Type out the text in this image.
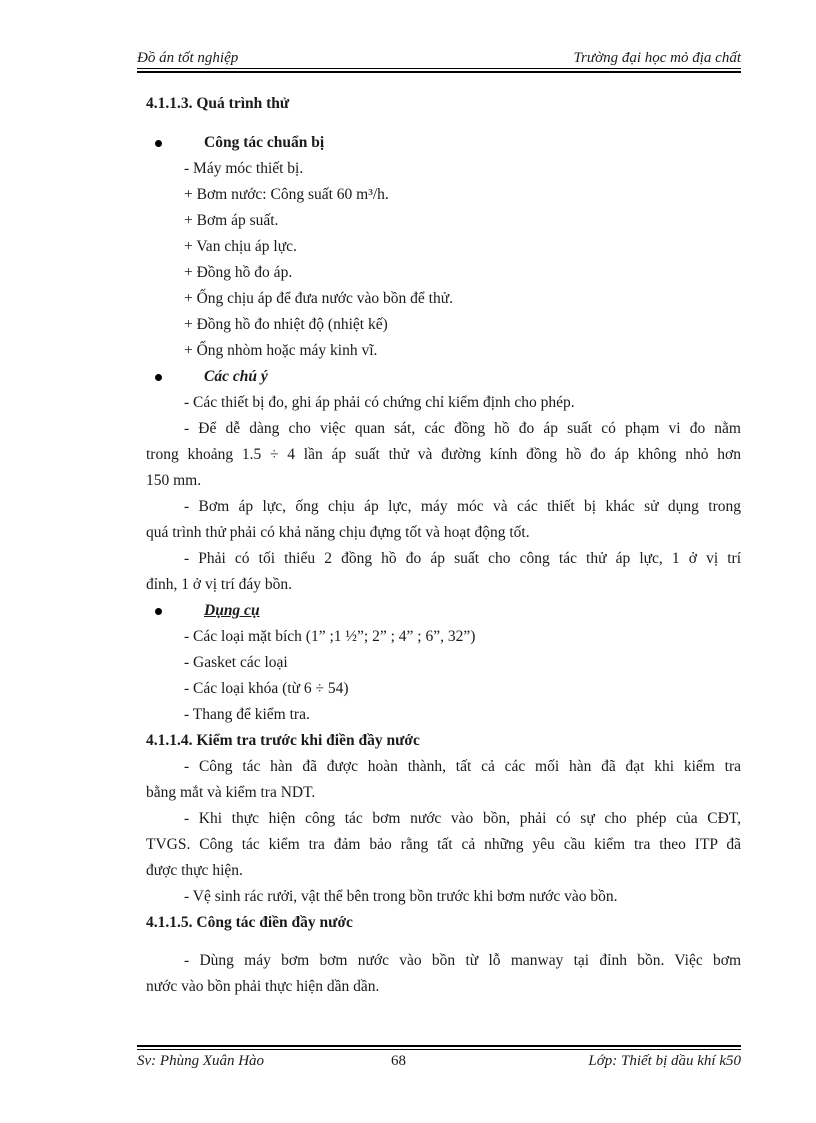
Đồ án tốt nghiệp	Trường đại học mỏ địa chất
4.1.1.3. Quá trình thử
Công tác chuẩn bị
- Máy móc thiết bị.
+ Bơm nước: Công suất 60 m³/h.
+ Bơm áp suất.
+ Van chịu áp lực.
+ Đồng hồ đo áp.
+ Ống chịu áp để đưa nước vào bồn để thử.
+ Đồng hồ đo nhiệt độ (nhiệt kế)
+ Ống nhòm hoặc máy kinh vĩ.
Các chú ý
- Các thiết bị đo, ghi áp phải có chứng chỉ kiểm định cho phép.
- Để dễ dàng cho việc quan sát, các đồng hồ đo áp suất có phạm vi đo nằm
trong khoảng 1.5 ÷ 4 lần áp suất thử và đường kính đồng hồ đo áp không nhỏ hơn
150 mm.
- Bơm áp lực, ống chịu áp lực, máy móc và các thiết bị khác sử dụng trong
quá trình thử phải có khả năng chịu đựng tốt và hoạt động tốt.
- Phải có tối thiểu 2 đồng hồ đo áp suất cho công tác thử áp lực, 1 ở vị trí
đỉnh, 1 ở vị trí đáy bồn.
Dụng cụ
- Các loại mặt bích (1” ;1 ½”; 2” ; 4” ; 6”, 32”)
- Gasket các loại
- Các loại khóa (từ 6 ÷ 54)
- Thang để kiểm tra.
4.1.1.4. Kiểm tra trước khi điền đầy nước
- Công tác hàn đã được hoàn thành, tất cả các mối hàn đã đạt khi kiểm tra
bằng mắt và kiểm tra NDT.
- Khi thực hiện công tác bơm nước vào bồn, phải có sự cho phép của CĐT,
TVGS. Công tác kiểm tra đảm bảo rằng tất cả những yêu cầu kiểm tra theo ITP đã
được thực hiện.
- Vệ sinh rác rưởi, vật thể bên trong bồn trước khi bơm nước vào bồn.
4.1.1.5. Công tác điền đầy nước
- Dùng máy bơm bơm nước vào bồn từ lỗ manway tại đỉnh bồn. Việc bơm
nước vào bồn phải thực hiện dần dần.
Sv: Phùng Xuân Hào	68	Lớp: Thiết bị dầu khí k50
